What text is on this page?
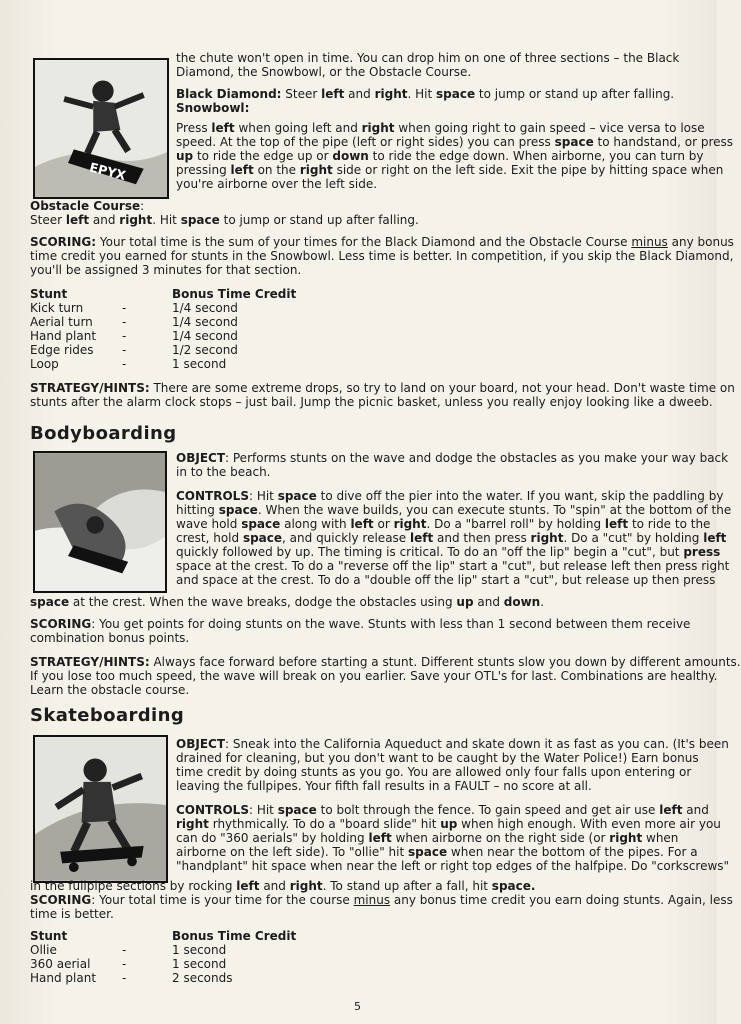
EPYX
the chute won't open in time. You can drop him on one of three sections – the Black
Diamond, the Snowbowl, or the Obstacle Course.
Black Diamond: Steer left and right. Hit space to jump or stand up after falling.
Snowbowl:
Press left when going left and right when going right to gain speed – vice versa to lose
speed. At the top of the pipe (left or right sides) you can press space to handstand, or press
up to ride the edge up or down to ride the edge down. When airborne, you can turn by
pressing left on the right side or right on the left side. Exit the pipe by hitting space when
you're airborne over the left side.
Obstacle Course:
Steer left and right. Hit space to jump or stand up after falling.
SCORING: Your total time is the sum of your times for the Black Diamond and the Obstacle Course minus any bonus
time credit you earned for stunts in the Snowbowl. Less time is better. In competition, if you skip the Black Diamond,
you'll be assigned 3 minutes for that section.
Stunt	Bonus Time Credit
Kick turn	-	1/4 second
Aerial turn -	1/4 second
Hand plant -	1/4 second
Edge rides -	1/2 second
Loop	-	1 second
STRATEGY/HINTS: There are some extreme drops, so try to land on your board, not your head. Don't waste time on
stunts after the alarm clock stops – just bail. Jump the picnic basket, unless you really enjoy looking like a dweeb.
Bodyboarding
OBJECT: Performs stunts on the wave and dodge the obstacles as you make your way back
in to the beach.
CONTROLS: Hit space to dive off the pier into the water. If you want, skip the paddling by
hitting space. When the wave builds, you can execute stunts. To "spin" at the bottom of the
wave hold space along with left or right. Do a "barrel roll" by holding left to ride to the
crest, hold space, and quickly release left and then press right. Do a "cut" by holding left
quickly followed by up. The timing is critical. To do an "off the lip" begin a "cut", but press
space at the crest. To do a "reverse off the lip" start a "cut", but release left then press right
and space at the crest. To do a "double off the lip" start a "cut", but release up then press
space at the crest. When the wave breaks, dodge the obstacles using up and down.
SCORING: You get points for doing stunts on the wave. Stunts with less than 1 second between them receive
combination bonus points.
STRATEGY/HINTS: Always face forward before starting a stunt. Different stunts slow you down by different amounts.
If you lose too much speed, the wave will break on you earlier. Save your OTL's for last. Combinations are healthy.
Learn the obstacle course.
Skateboarding
OBJECT: Sneak into the California Aqueduct and skate down it as fast as you can. (It's been
drained for cleaning, but you don't want to be caught by the Water Police!) Earn bonus
time credit by doing stunts as you go. You are allowed only four falls upon entering or
leaving the fullpipes. Your fifth fall results in a FAULT – no score at all.
CONTROLS: Hit space to bolt through the fence. To gain speed and get air use left and
right rhythmically. To do a "board slide" hit up when high enough. With even more air you
can do "360 aerials" by holding left when airborne on the right side (or right when
airborne on the left side). To "ollie" hit space when near the bottom of the pipes. For a
"handplant" hit space when near the left or right top edges of the halfpipe. Do "corkscrews"
in the fullpipe sections by rocking left and right. To stand up after a fall, hit space.
SCORING: Your total time is your time for the course minus any bonus time credit you earn doing stunts. Again, less
time is better.
Stunt	Bonus Time Credit
Ollie	-	1 second
360 aerial	-	1 second
Hand plant -	2 seconds
5
